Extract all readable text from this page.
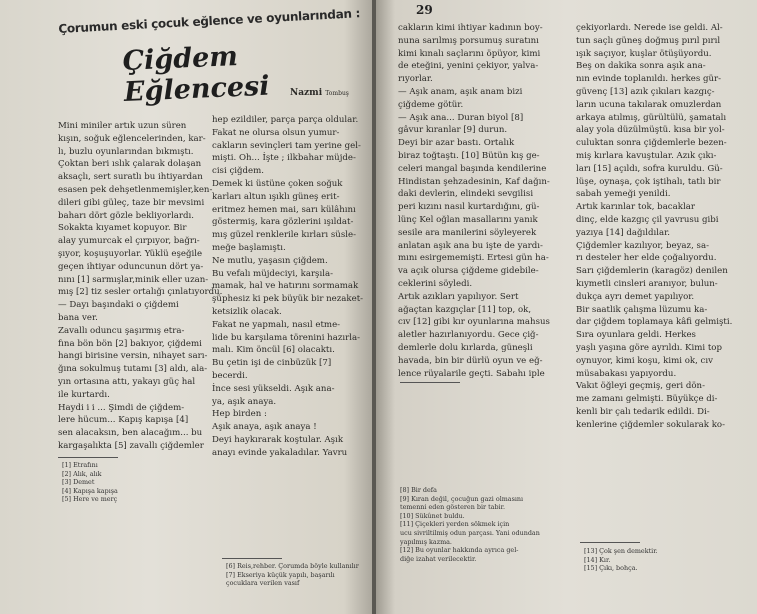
Çorumun eski çocuk eğlence ve oyunlarından :
Çiğdem Eğlencesi	Nazmi Tombuş
Mini miniler artık uzun süren
kışın, soğuk eğlencelerinden, kar-
lı, buzlu oyunlarından bıkmıştı.
Çoktan beri ıslık çalarak dolaşan
aksaçlı, sert suratlı bu ihtiyardan
esasen pek dehşetlenmemişler,ken-
dileri gibi güleç, taze bir mevsimi
baharı dört gözle bekliyorlardı.
Sokakta kıyamet kopuyor. Bir
alay yumurcak el çırpıyor, bağrı-
şıyor, koşuşuyorlar. Yüklü eşeğile
geçen ihtiyar oduncunun dört ya-
nını [1] sarmışlar,minik eller uzan-
mış [2] tiz sesler ortalığı çınlatıyordu.
— Dayı başındaki o çiğdemi
bana ver.
Zavallı oduncu şaşırmış etra-
fına bön bön [2] bakıyor, çiğdemi
hangi birisine versin, nihayet sarı-
ğına sokulmuş tutamı [3] aldı, ala-
yın ortasına attı, yakayı güç hal
ile kurtardı.
Haydi i i ... Şimdi de çiğdem-
lere hücum... Kapış kapışa [4]
sen alacaksın, ben alacağım... bu
kargaşalıkta [5] zavallı çiğdemler
[1] Etrafını
[2] Alık, alık
[3] Demet
[4] Kapışa kapışa
[5] Here ve merç
hep ezildiler, parça parça oldular.
Fakat ne olursa olsun yumur-
cakların sevinçleri tam yerine gel-
mişti. Oh... İşte ; ilkbahar müjde-
cisi çiğdem.
Demek ki üstüne çoken soğuk
karları altun ışıklı güneş erit-
eritmez hemen mai, sarı külâhını
göstermiş, kara gözlerini ışıldat-
mış güzel renklerile kırları süsle-
meğe başlamıştı.
Ne mutlu, yaşasın çiğdem.
Bu vefalı müjdeciyi, karşıla-
mamak, hal ve hatırını sormamak
şüphesiz ki pek büyük bir nezaket-
ketsizlik olacak.
Fakat ne yapmalı, nasıl etme-
lide bu karşılama törenini hazırla-
malı. Kim öncül [6] olacaktı.
Bu çetin işi de cinbüzük [7]
becerdi.
İnce sesi yükseldi. Aşık ana-
ya, aşık anaya.
Hep birden :
Aşık anaya, aşık anaya !
Deyi haykırarak koştular. Aşık
anayı evinde yakaladılar. Yavru
[6] Reis,rehber. Çorumda böyle kullanılır
[7] Ekseriya küçük yapılı, başarılı
çocuklara verilen vasıf
29
cakların kimi ihtiyar kadının boy-
nuna sarılmış porsumuş suratını
kimi kınalı saçlarını öpüyor, kimi
de eteğini, yenini çekiyor, yalva-
rıyorlar.
— Aşık anam, aşık anam bizi
çiğdeme götür.
— Aşık ana... Duran biyol [8]
gâvur kıranlar [9] durun.
Deyi bir azar bastı. Ortalık
biraz toğtaştı. [10] Bütün kış ge-
celeri mangal başında kendilerine
Hindistan şehzadesinin, Kaf dağın-
daki devlerin, elindeki sevgilisi
peri kızını nasıl kurtardığını, gü-
lünç Kel oğlan masallarını yanık
sesile ara manilerini söyleyerek
anlatan aşık ana bu işte de yardı-
mını esirgememişti. Ertesi gün ha-
va açık olursa çiğdeme gidebile-
ceklerini söyledi.
Artık azıkları yapılıyor. Sert
ağaçtan kazgıçlar [11] top, ok,
cıv [12] gibi kır oyunlarına mahsus
aletler hazırlanıyordu. Gece çiğ-
demlerle dolu kırlarda, güneşli
havada, bin bir dürlü oyun ve eğ-
lence rüyalarile geçti. Sabahı iple
[8] Bir defa
[9] Kıran değil, çocuğun gazi olmasını
temenni eden gösteren bir tabir.
[10] Sükûnet buldu.
[11] Çiçekleri yerden sökmek için
ucu sivriltilmiş odun parçası. Yani odundan
yapılmış kazma.
[12] Bu oyunlar hakkında ayrıca gel-
diğe izahat verilecektir.
çekiyorlardı. Nerede ise geldi. Al-
tun saçlı güneş doğmuş pırıl pırıl
ışık saçıyor, kuşlar ötüşüyordu.
Beş on dakika sonra aşık ana-
nın evinde toplanıldı. herkes gür-
güvenç [13] azık çıkıları kazgıç-
ların ucuna takılarak omuzlerdan
arkaya atılmış, gürültülü, şamatalı
alay yola düzülmüştü. kısa bir yol-
culuktan sonra çiğdemlerle bezen-
miş kırlara kavuştular. Azık çıkı-
ları [15] açıldı, sofra kuruldu. Gü-
lüşe, oynaşa, çok iştihalı, tatlı bir
sabah yemeği yenildi.
Artık karınlar tok, bacaklar
dinç, elde kazgıç çil yavrusu gibi
yazıya [14] dağıldılar.
Çiğdemler kazılıyor, beyaz, sa-
rı desteler her elde çoğalıyordu.
Sarı çiğdemlerin (karagöz) denilen
kıymetli cinsleri aranıyor, bulun-
dukça ayrı demet yapılıyor.
Bir saatlik çalışma lüzumu ka-
dar çiğdem toplamaya kâfi gelmişti.
Sıra oyunlara geldi. Herkes
yaşlı yaşına göre ayrıldı. Kimi top
oynuyor, kimi koşu, kimi ok, cıv
müsabakası yapıyordu.
Vakıt öğleyi geçmiş, geri dön-
me zamanı gelmişti. Büyükçe di-
kenli bir çalı tedarik edildi. Di-
kenlerine çiğdemler sokularak ko-
[13] Çok şen demektir.
[14] Kır.
[15] Çıkı, bohça.
